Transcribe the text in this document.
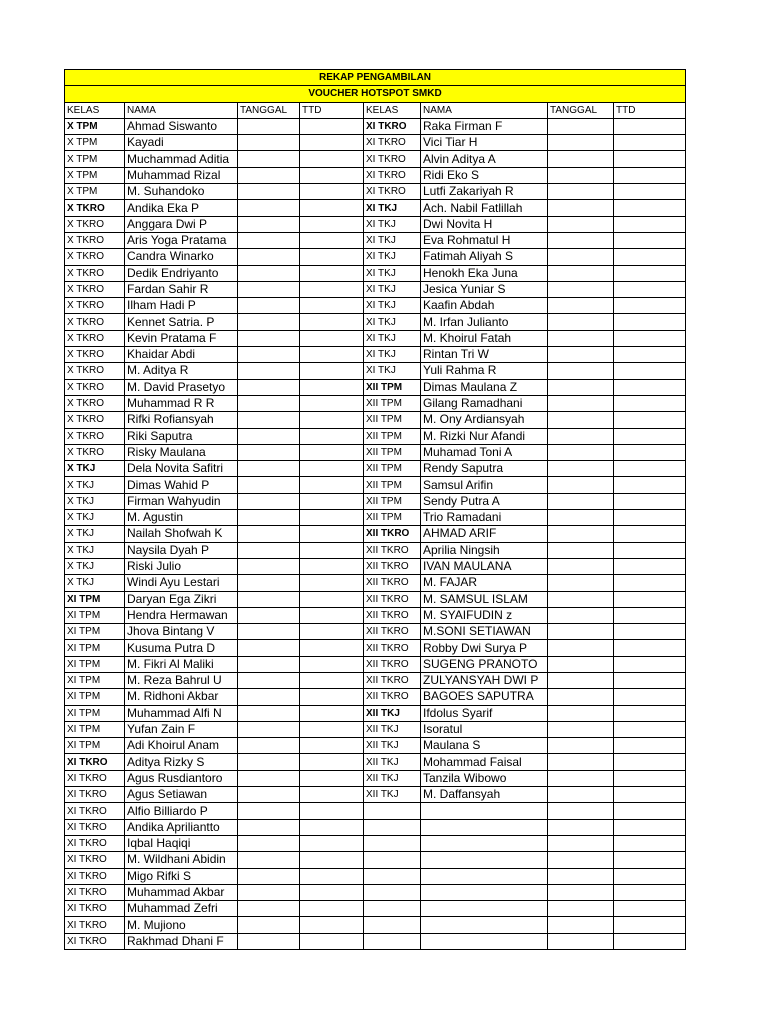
REKAP PENGAMBILAN							
VOUCHER HOTSPOT SMKD							
KELAS	NAMA	TANGGAL	TTD	KELAS	NAMA	TANGGAL	TTD
X TPM	Ahmad Siswanto			XI TKRO	Raka Firman F		
X TPM	Kayadi			XI TKRO	Vici Tiar H		
X TPM	Muchammad Aditia			XI TKRO	Alvin Aditya A		
X TPM	Muhammad Rizal			XI TKRO	Ridi Eko S		
X TPM	M. Suhandoko			XI TKRO	Lutfi Zakariyah R		
X TKRO	Andika Eka P			XI TKJ	Ach. Nabil Fatlillah		
X TKRO	Anggara Dwi P			XI TKJ	Dwi Novita H		
X TKRO	Aris Yoga Pratama			XI TKJ	Eva Rohmatul H		
X TKRO	Candra Winarko			XI TKJ	Fatimah Aliyah S		
X TKRO	Dedik Endriyanto			XI TKJ	Henokh Eka Juna		
X TKRO	Fardan Sahir R			XI TKJ	Jesica Yuniar S		
X TKRO	Ilham Hadi P			XI TKJ	Kaafin Abdah		
X TKRO	Kennet Satria. P			XI TKJ	M. Irfan Julianto		
X TKRO	Kevin Pratama F			XI TKJ	M. Khoirul Fatah		
X TKRO	Khaidar Abdi			XI TKJ	Rintan Tri W		
X TKRO	M. Aditya R			XI TKJ	Yuli Rahma R		
X TKRO	M. David Prasetyo			XII TPM	Dimas Maulana Z		
X TKRO	Muhammad R R			XII TPM	Gilang Ramadhani		
X TKRO	Rifki Rofiansyah			XII TPM	M. Ony Ardiansyah		
X TKRO	Riki Saputra			XII TPM	M. Rizki Nur Afandi		
X TKRO	Risky Maulana			XII TPM	Muhamad Toni A		
X TKJ	Dela Novita Safitri			XII TPM	Rendy Saputra		
X TKJ	Dimas Wahid P			XII TPM	Samsul Arifin		
X TKJ	Firman Wahyudin			XII TPM	Sendy Putra A		
X TKJ	M. Agustin			XII TPM	Trio Ramadani		
X TKJ	Nailah Shofwah K			XII TKRO	AHMAD ARIF		
X TKJ	Naysila Dyah P			XII TKRO	Aprilia Ningsih		
X TKJ	Riski Julio			XII TKRO	IVAN MAULANA		
X TKJ	Windi Ayu Lestari			XII TKRO	M. FAJAR		
XI TPM	Daryan Ega Zikri			XII TKRO	M. SAMSUL ISLAM		
XI TPM	Hendra Hermawan			XII TKRO	M. SYAIFUDIN z		
XI TPM	Jhova Bintang V			XII TKRO	M.SONI SETIAWAN		
XI TPM	Kusuma Putra D			XII TKRO	Robby Dwi Surya P		
XI TPM	M. Fikri Al Maliki			XII TKRO	SUGENG PRANOTO		
XI TPM	M. Reza Bahrul U			XII TKRO	ZULYANSYAH DWI P		
XI TPM	M. Ridhoni Akbar			XII TKRO	BAGOES SAPUTRA		
XI TPM	Muhammad Alfi N			XII TKJ	Ifdolus Syarif		
XI TPM	Yufan Zain F			XII TKJ	Isoratul		
XI TPM	Adi Khoirul Anam			XII TKJ	Maulana S		
XI TKRO	Aditya Rizky S			XII TKJ	Mohammad Faisal		
XI TKRO	Agus Rusdiantoro			XII TKJ	Tanzila Wibowo		
XI TKRO	Agus Setiawan			XII TKJ	M. Daffansyah		
XI TKRO	Alfio Billiardo P						
XI TKRO	Andika Apriliantto						
XI TKRO	Iqbal Haqiqi						
XI TKRO	M. Wildhani Abidin						
XI TKRO	Migo Rifki S						
XI TKRO	Muhammad Akbar						
XI TKRO	Muhammad Zefri						
XI TKRO	M. Mujiono						
XI TKRO	Rakhmad Dhani F						
